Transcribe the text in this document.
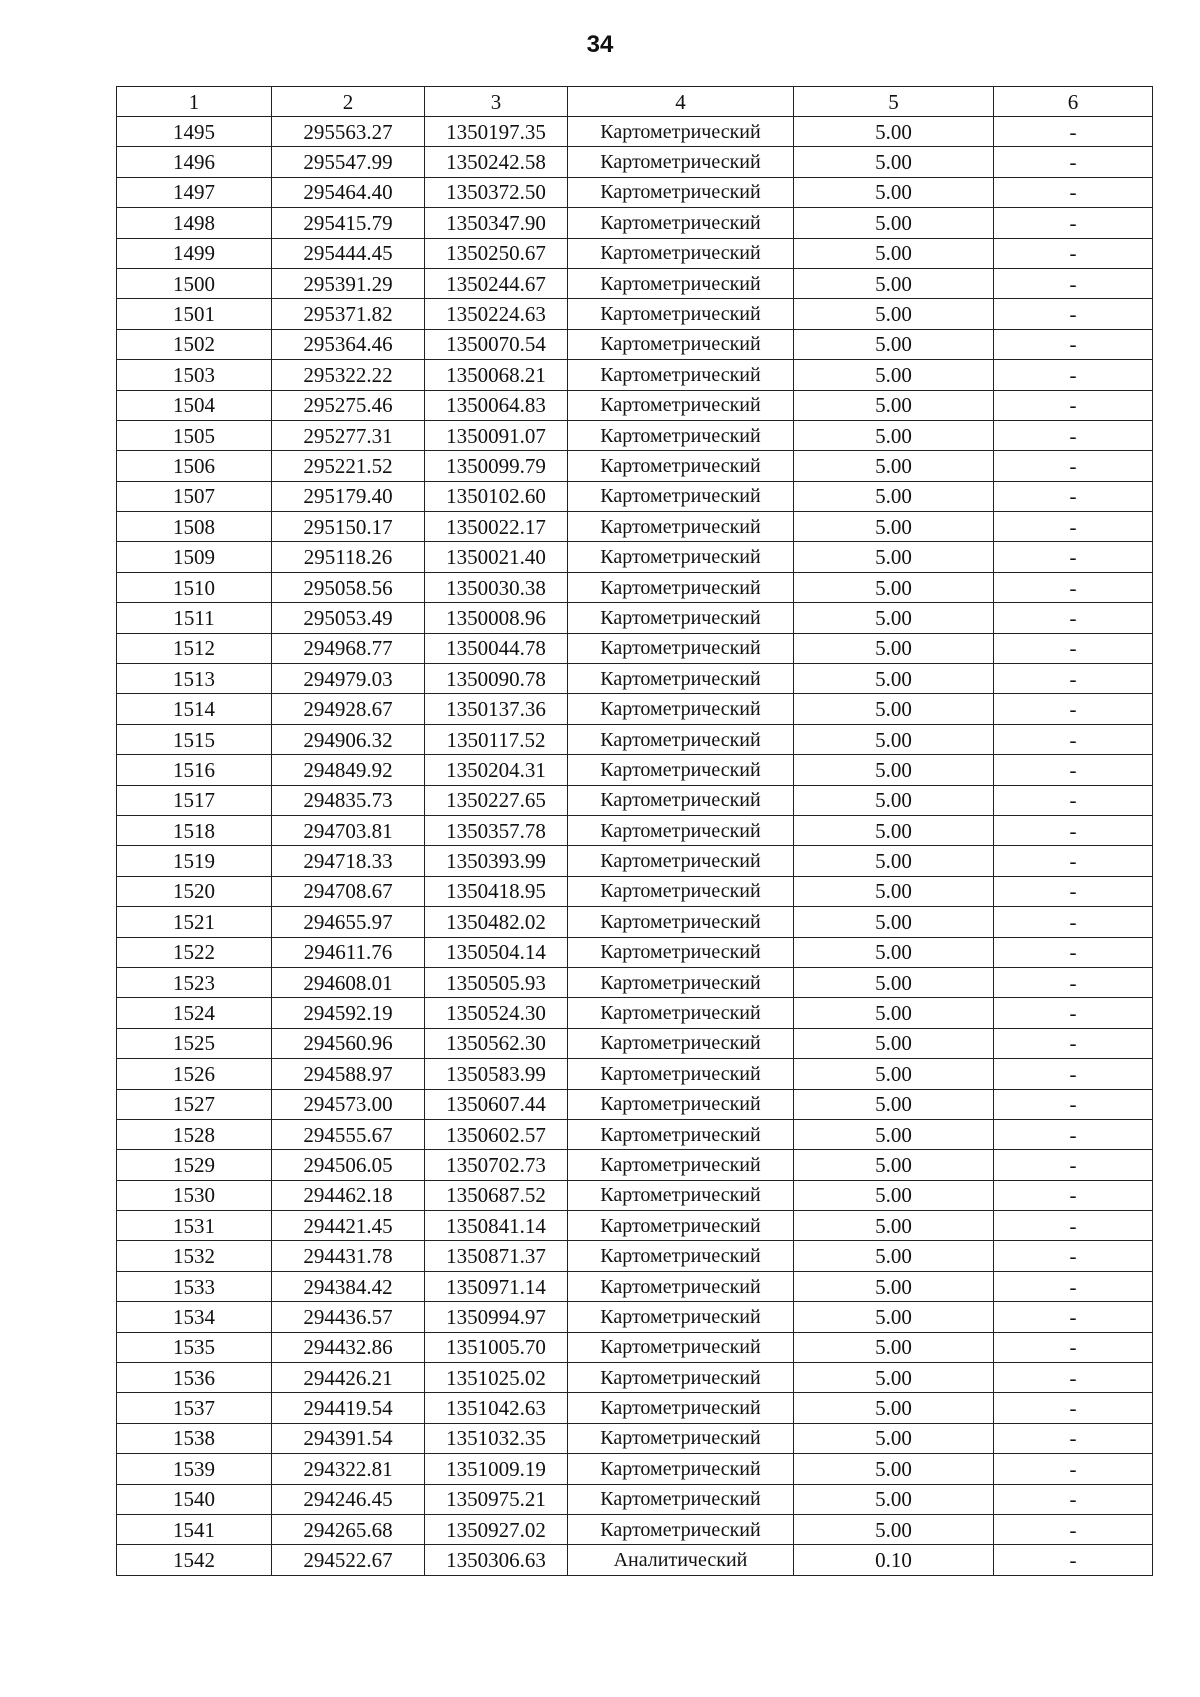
34
1	2	3	4	5	6
1495	295563.27	1350197.35	Картометрический	5.00	-
1496	295547.99	1350242.58	Картометрический	5.00	-
1497	295464.40	1350372.50	Картометрический	5.00	-
1498	295415.79	1350347.90	Картометрический	5.00	-
1499	295444.45	1350250.67	Картометрический	5.00	-
1500	295391.29	1350244.67	Картометрический	5.00	-
1501	295371.82	1350224.63	Картометрический	5.00	-
1502	295364.46	1350070.54	Картометрический	5.00	-
1503	295322.22	1350068.21	Картометрический	5.00	-
1504	295275.46	1350064.83	Картометрический	5.00	-
1505	295277.31	1350091.07	Картометрический	5.00	-
1506	295221.52	1350099.79	Картометрический	5.00	-
1507	295179.40	1350102.60	Картометрический	5.00	-
1508	295150.17	1350022.17	Картометрический	5.00	-
1509	295118.26	1350021.40	Картометрический	5.00	-
1510	295058.56	1350030.38	Картометрический	5.00	-
1511	295053.49	1350008.96	Картометрический	5.00	-
1512	294968.77	1350044.78	Картометрический	5.00	-
1513	294979.03	1350090.78	Картометрический	5.00	-
1514	294928.67	1350137.36	Картометрический	5.00	-
1515	294906.32	1350117.52	Картометрический	5.00	-
1516	294849.92	1350204.31	Картометрический	5.00	-
1517	294835.73	1350227.65	Картометрический	5.00	-
1518	294703.81	1350357.78	Картометрический	5.00	-
1519	294718.33	1350393.99	Картометрический	5.00	-
1520	294708.67	1350418.95	Картометрический	5.00	-
1521	294655.97	1350482.02	Картометрический	5.00	-
1522	294611.76	1350504.14	Картометрический	5.00	-
1523	294608.01	1350505.93	Картометрический	5.00	-
1524	294592.19	1350524.30	Картометрический	5.00	-
1525	294560.96	1350562.30	Картометрический	5.00	-
1526	294588.97	1350583.99	Картометрический	5.00	-
1527	294573.00	1350607.44	Картометрический	5.00	-
1528	294555.67	1350602.57	Картометрический	5.00	-
1529	294506.05	1350702.73	Картометрический	5.00	-
1530	294462.18	1350687.52	Картометрический	5.00	-
1531	294421.45	1350841.14	Картометрический	5.00	-
1532	294431.78	1350871.37	Картометрический	5.00	-
1533	294384.42	1350971.14	Картометрический	5.00	-
1534	294436.57	1350994.97	Картометрический	5.00	-
1535	294432.86	1351005.70	Картометрический	5.00	-
1536	294426.21	1351025.02	Картометрический	5.00	-
1537	294419.54	1351042.63	Картометрический	5.00	-
1538	294391.54	1351032.35	Картометрический	5.00	-
1539	294322.81	1351009.19	Картометрический	5.00	-
1540	294246.45	1350975.21	Картометрический	5.00	-
1541	294265.68	1350927.02	Картометрический	5.00	-
1542	294522.67	1350306.63	Аналитический	0.10	-
